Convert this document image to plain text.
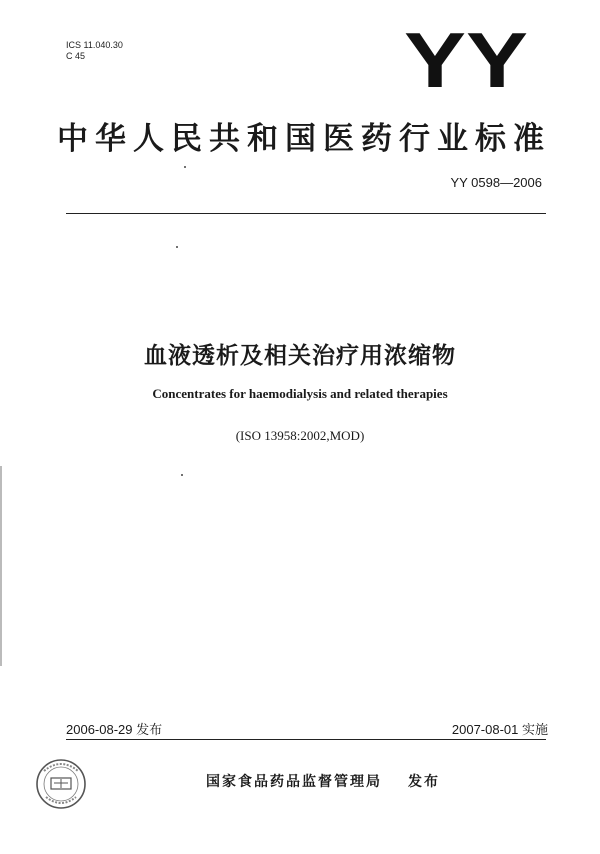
ICS 11.040.30
C 45	YY
中华人民共和国医药行业标准
YY 0598—2006
血液透析及相关治疗用浓缩物
Concentrates for haemodialysis and related therapies
(ISO 13958:2002,MOD)
2006-08-29 发布	2007-08-01 实施
国家食品药品监督管理局 发布
